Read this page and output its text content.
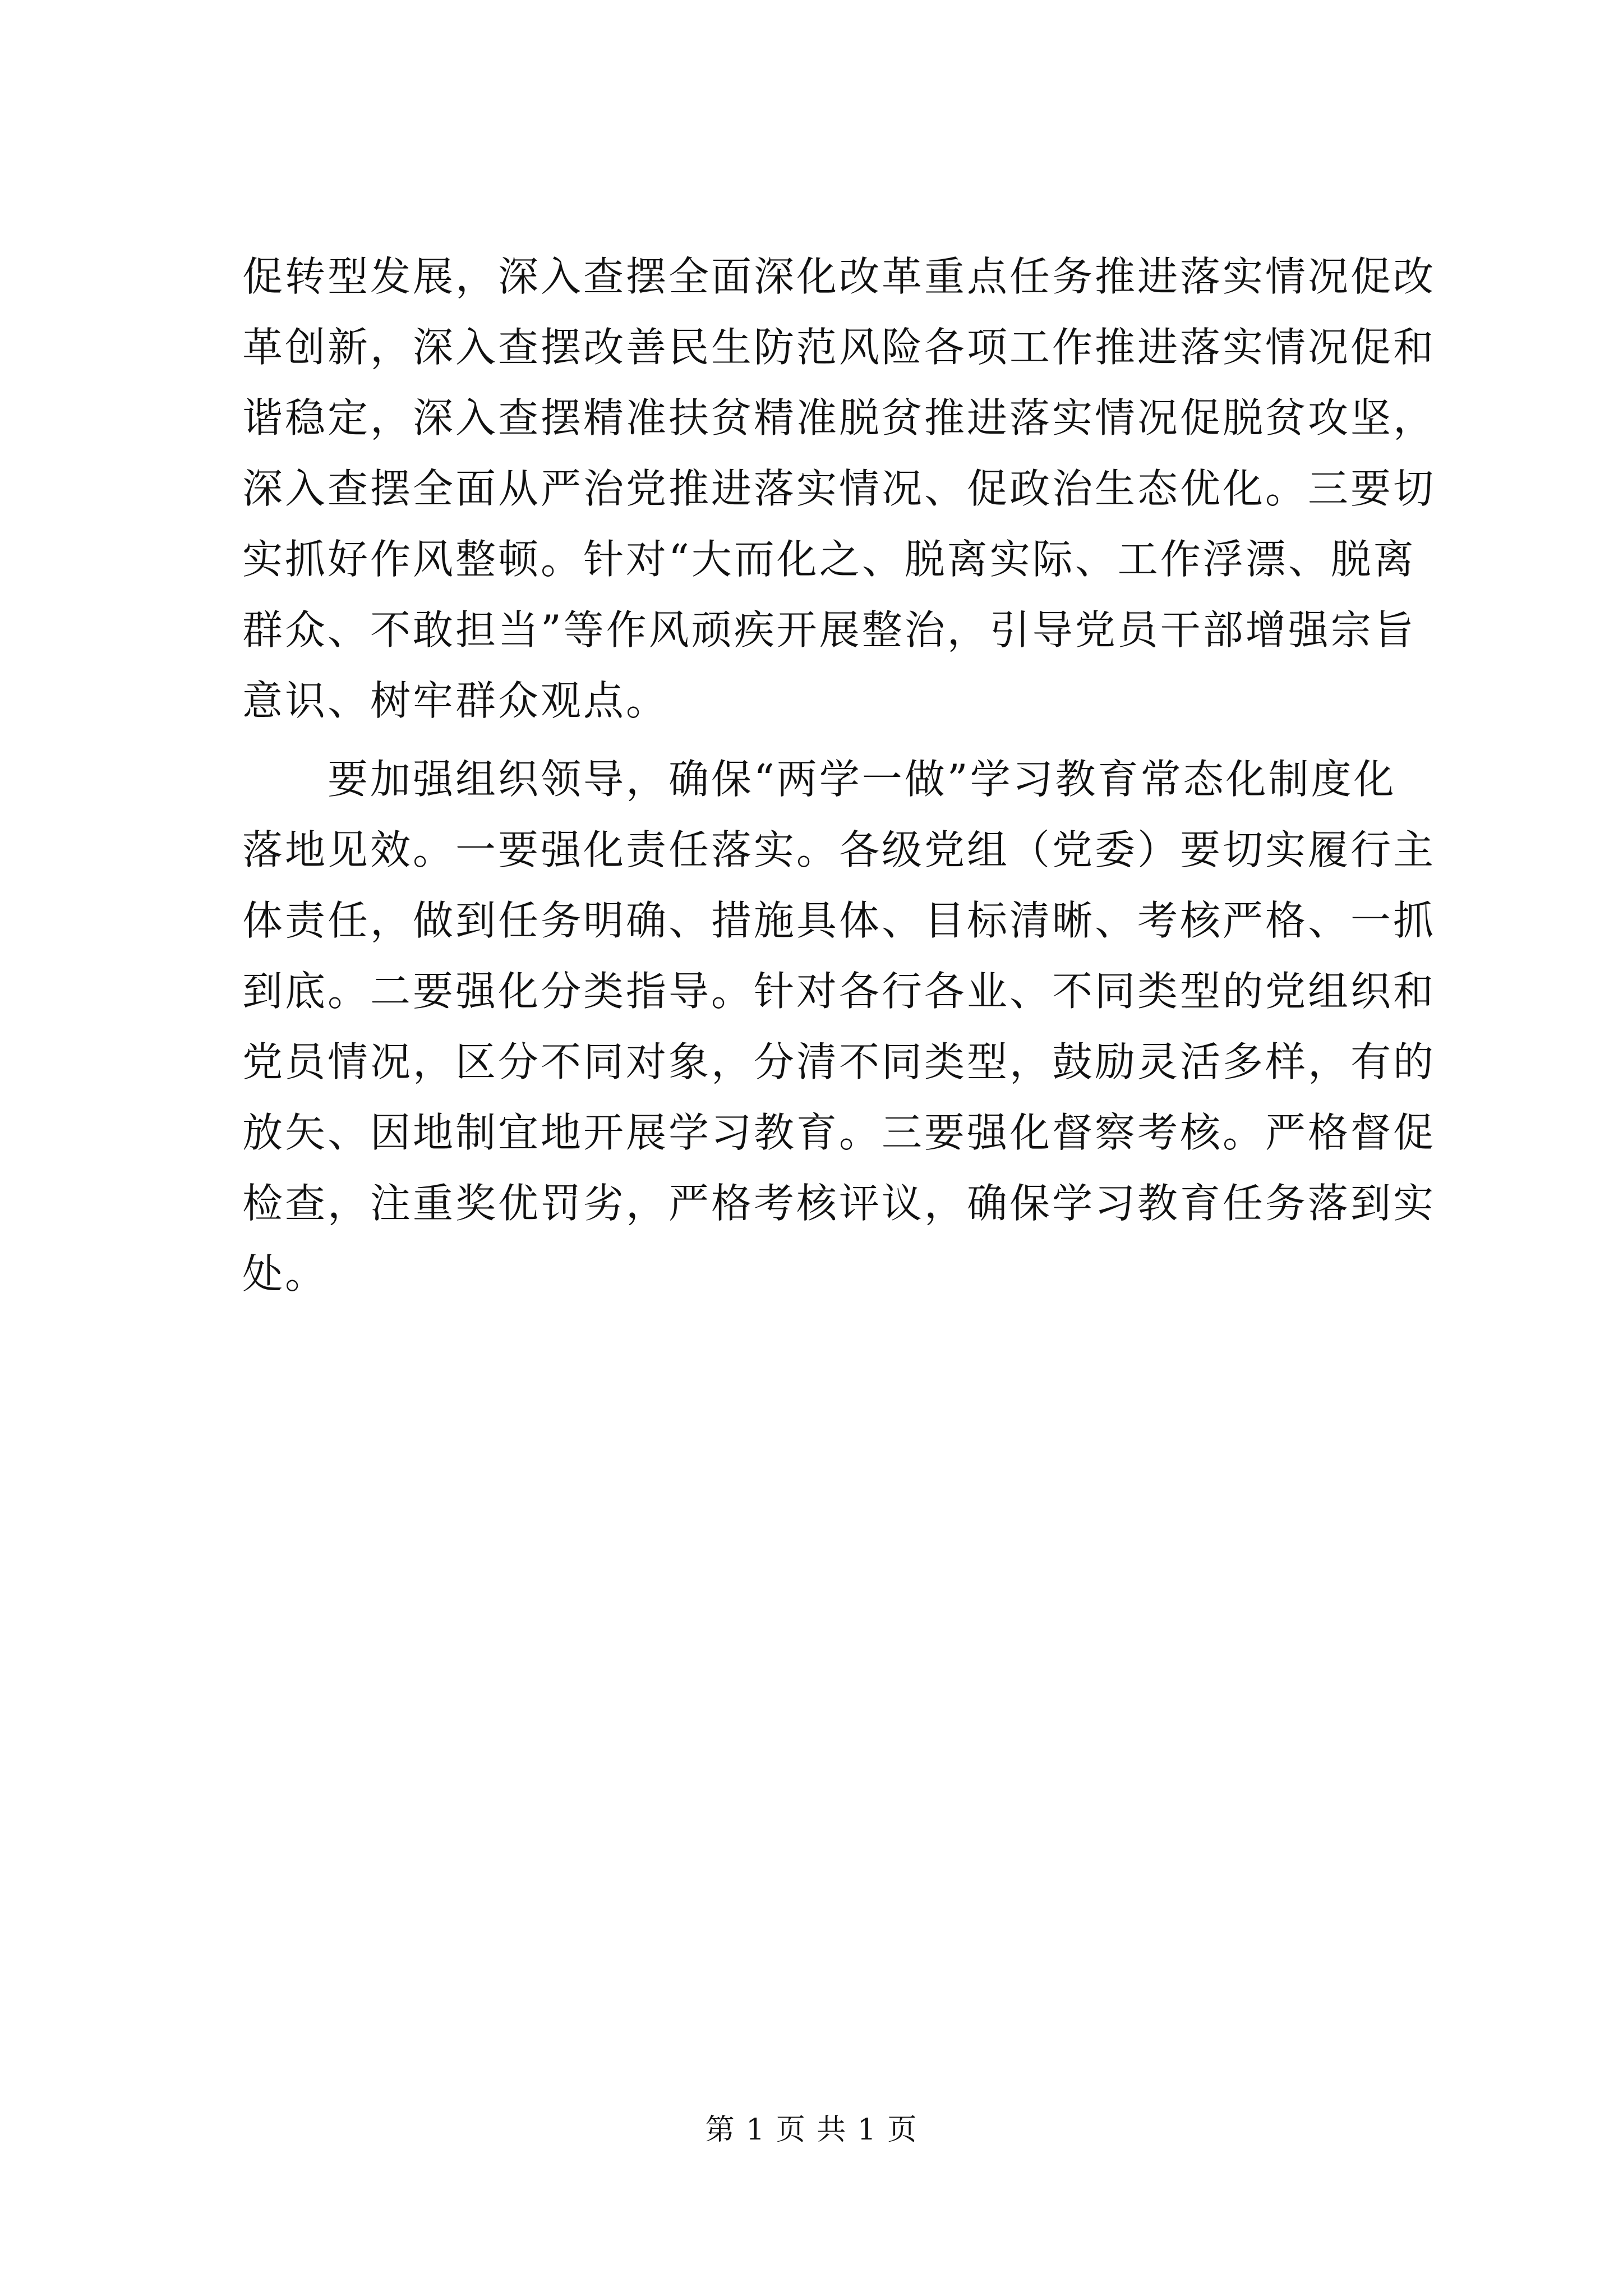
促转型发展，深入查摆全面深化改革重点任务推进落实情况促改
革创新，深入查摆改善民生防范风险各项工作推进落实情况促和
谐稳定，深入查摆精准扶贫精准脱贫推进落实情况促脱贫攻坚，
深入查摆全面从严治党推进落实情况、促政治生态优化。三要切
实抓好作风整顿。针对“大而化之、脱离实际、工作浮漂、脱离
群众、不敢担当”等作风顽疾开展整治，引导党员干部增强宗旨
意识、树牢群众观点。
　　要加强组织领导，确保“两学一做”学习教育常态化制度化
落地见效。一要强化责任落实。各级党组（党委）要切实履行主
体责任，做到任务明确、措施具体、目标清晰、考核严格、一抓
到底。二要强化分类指导。针对各行各业、不同类型的党组织和
党员情况，区分不同对象，分清不同类型，鼓励灵活多样，有的
放矢、因地制宜地开展学习教育。三要强化督察考核。严格督促
检查，注重奖优罚劣，严格考核评议，确保学习教育任务落到实
处。
第 1 页 共 1 页
